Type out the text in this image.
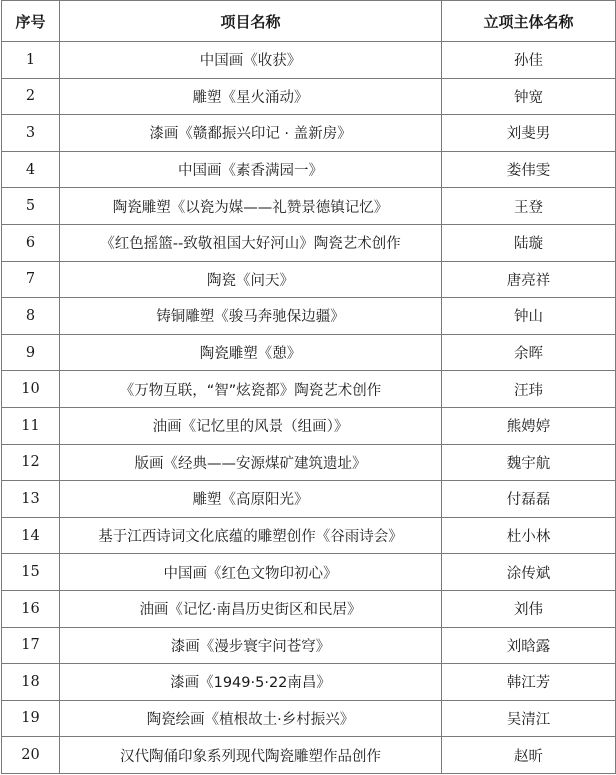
序号	项目名称	立项主体名称
1	中国画《收获》	孙佳
2	雕塑《星火涌动》	钟宽
3	漆画《赣鄱振兴印记 · 盖新房》	刘斐男
4	中国画《素香满园一》	娄伟雯
5	陶瓷雕塑《以瓷为媒——礼赞景德镇记忆》	王登
6	《红色摇篮--致敬祖国大好河山》陶瓷艺术创作	陆璇
7	陶瓷《问天》	唐亮祥
8	铸铜雕塑《骏马奔驰保边疆》	钟山
9	陶瓷雕塑《憩》	余晖
10	《万物互联，“智”炫瓷都》陶瓷艺术创作	汪玮
11	油画《记忆里的风景（组画）》	熊娉婷
12	版画《经典——安源煤矿建筑遗址》	魏宇航
13	雕塑《高原阳光》	付磊磊
14	基于江西诗词文化底蕴的雕塑创作《谷雨诗会》	杜小林
15	中国画《红色文物印初心》	涂传斌
16	油画《记忆·南昌历史街区和民居》	刘伟
17	漆画《漫步寰宇问苍穹》	刘晗露
18	漆画《1949·5·22南昌》	韩江芳
19	陶瓷绘画《植根故土·乡村振兴》	吴清江
20	汉代陶俑印象系列现代陶瓷雕塑作品创作	赵昕
